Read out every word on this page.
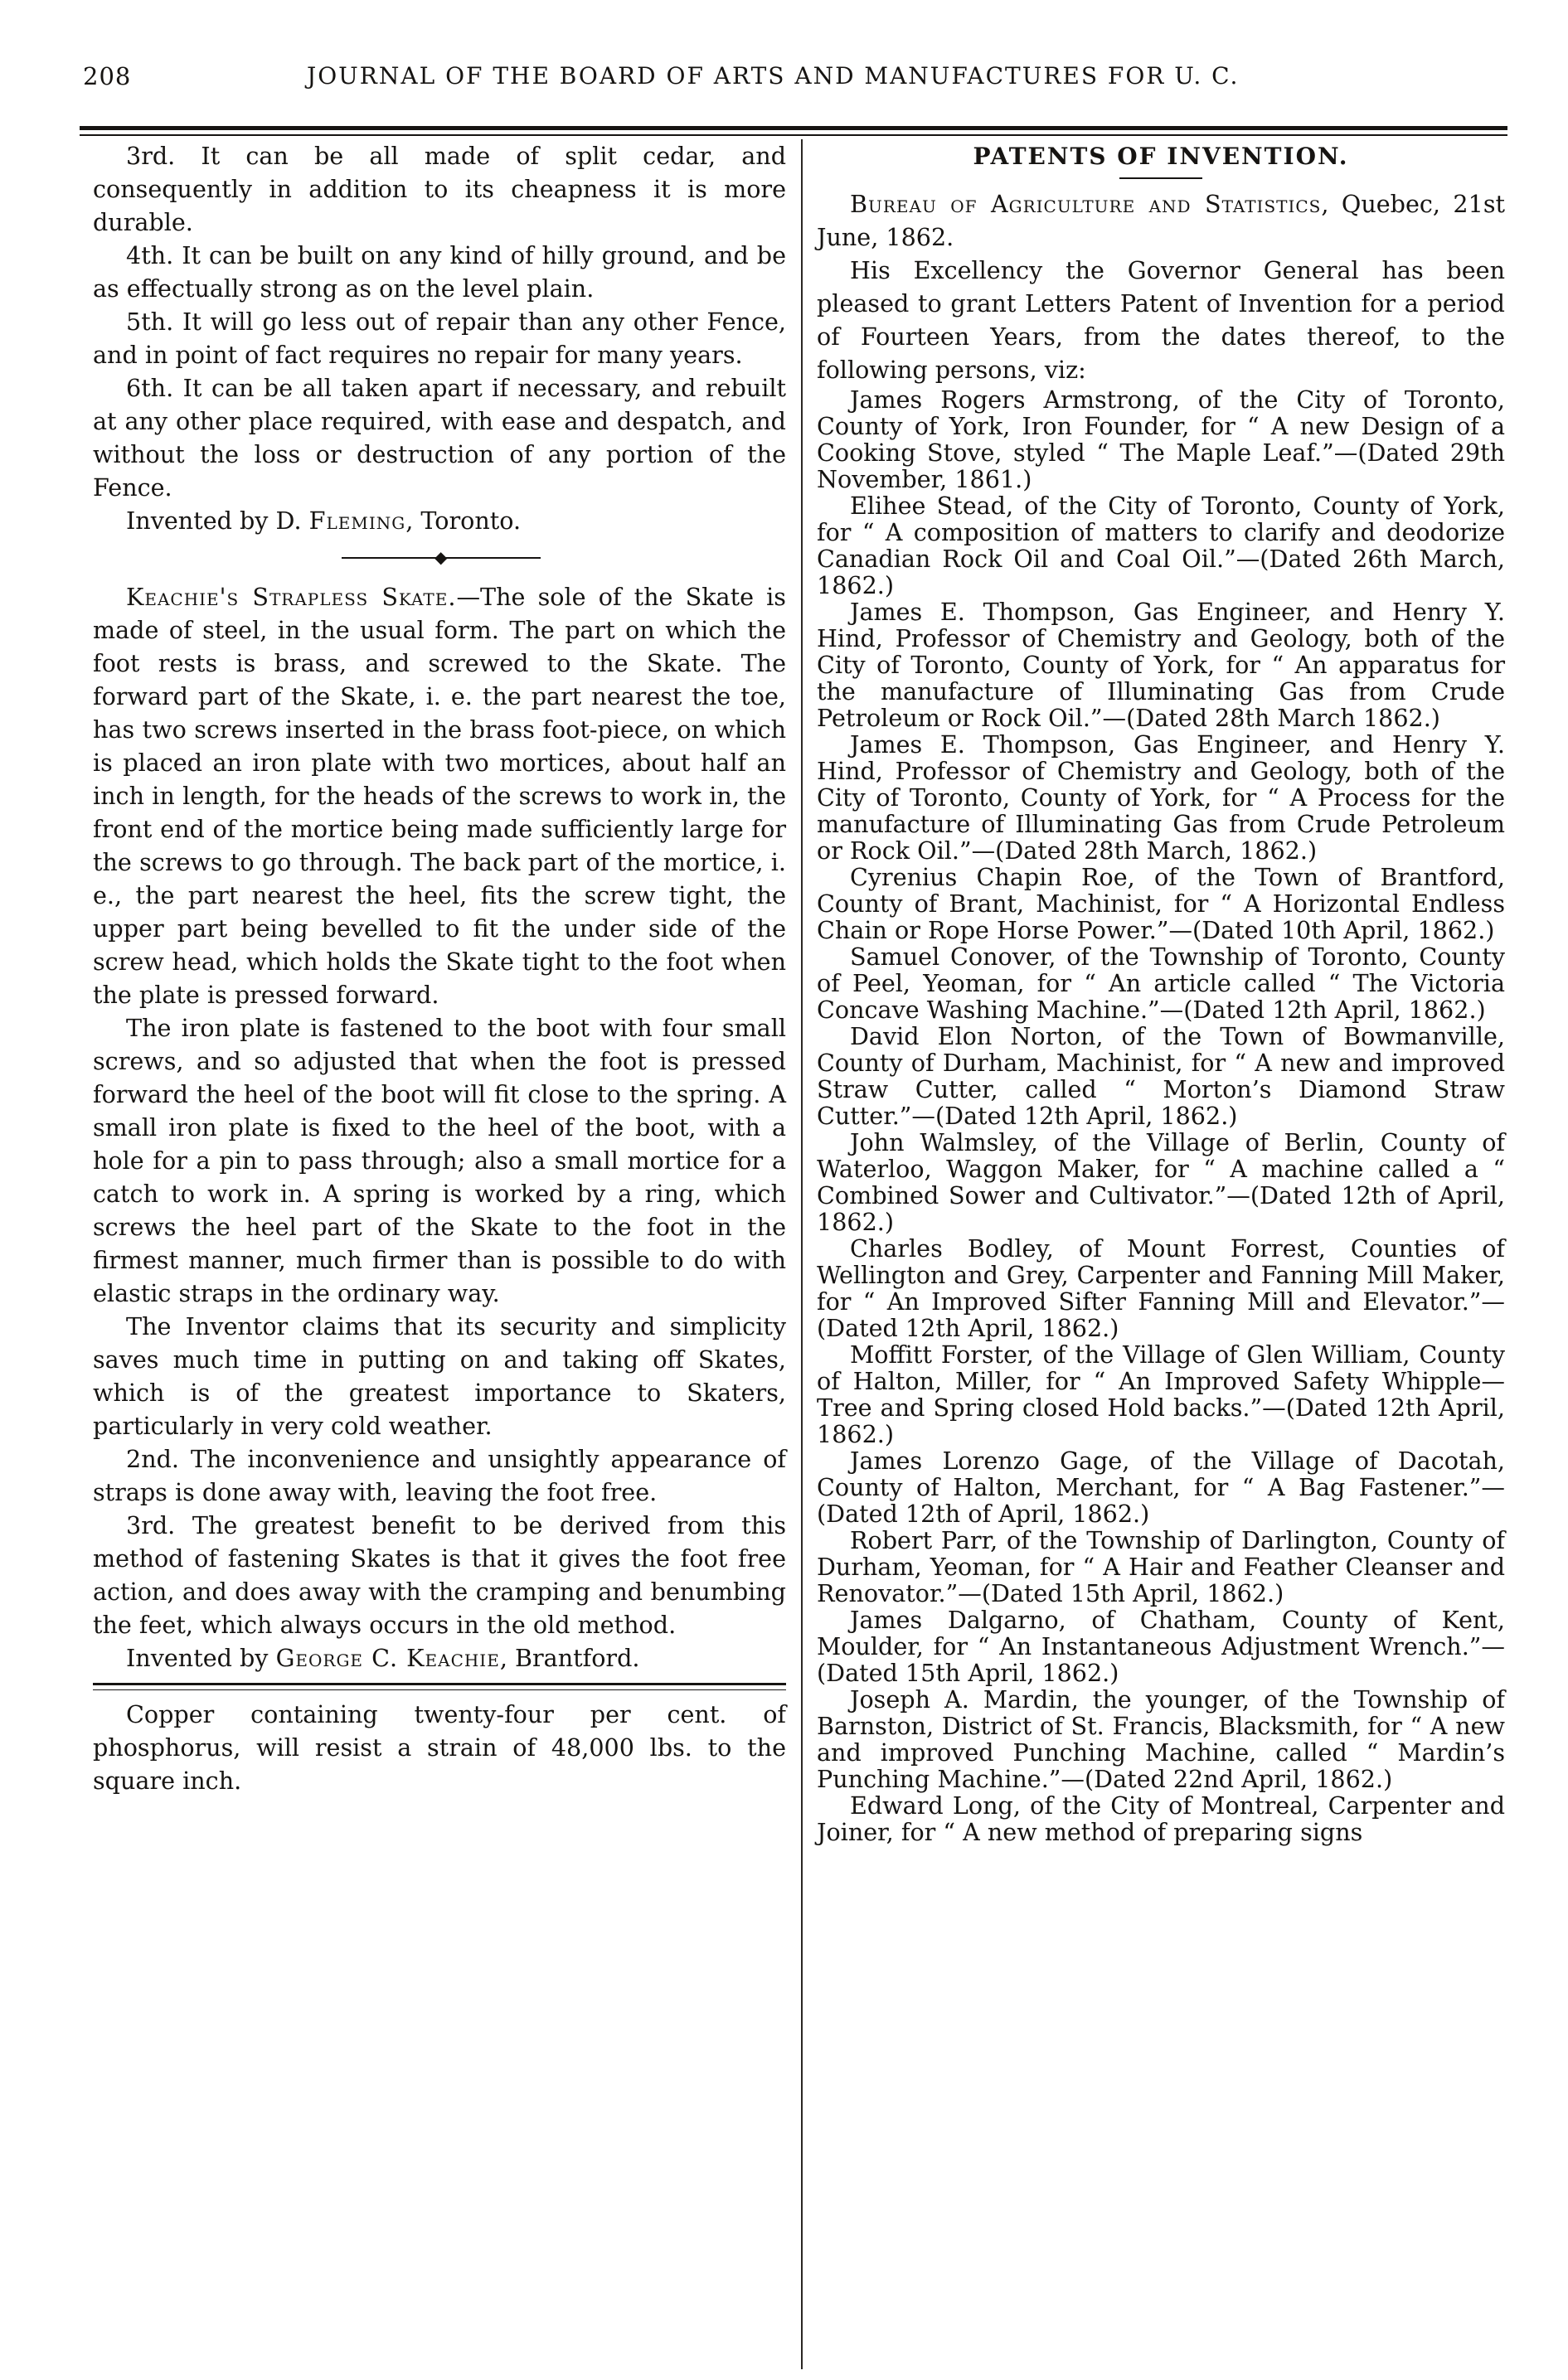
208	JOURNAL OF THE BOARD OF ARTS AND MANUFACTURES FOR U. C.

3rd. It can be all made of split cedar, and consequently in addition to its cheapness it is more durable.

4th. It can be built on any kind of hilly ground, and be as effectually strong as on the level plain.

5th. It will go less out of repair than any other Fence, and in point of fact requires no repair for many years.

6th. It can be all taken apart if necessary, and rebuilt at any other place required, with ease and despatch, and without the loss or destruction of any portion of the Fence.

Invented by D. Fleming, Toronto.

◆

Keachie's Strapless Skate.—The sole of the Skate is made of steel, in the usual form. The part on which the foot rests is brass, and screwed to the Skate. The forward part of the Skate, i. e. the part nearest the toe, has two screws inserted in the brass foot-piece, on which is placed an iron plate with two mortices, about half an inch in length, for the heads of the screws to work in, the front end of the mortice being made sufficiently large for the screws to go through. The back part of the mortice, i. e., the part nearest the heel, fits the screw tight, the upper part being bevelled to fit the under side of the screw head, which holds the Skate tight to the foot when the plate is pressed forward.

The iron plate is fastened to the boot with four small screws, and so adjusted that when the foot is pressed forward the heel of the boot will fit close to the spring. A small iron plate is fixed to the heel of the boot, with a hole for a pin to pass through; also a small mortice for a catch to work in. A spring is worked by a ring, which screws the heel part of the Skate to the foot in the firmest manner, much firmer than is possible to do with elastic straps in the ordinary way.

The Inventor claims that its security and simplicity saves much time in putting on and taking off Skates, which is of the greatest importance to Skaters, particularly in very cold weather.

2nd. The inconvenience and unsightly appearance of straps is done away with, leaving the foot free.

3rd. The greatest benefit to be derived from this method of fastening Skates is that it gives the foot free action, and does away with the cramping and benumbing the feet, which always occurs in the old method.

Invented by George C. Keachie, Brantford.

Copper containing twenty-four per cent. of phosphorus, will resist a strain of 48,000 lbs. to the square inch.

PATENTS OF INVENTION.

Bureau of Agriculture and Statistics, Quebec, 21st June, 1862.

His Excellency the Governor General has been pleased to grant Letters Patent of Invention for a period of Fourteen Years, from the dates thereof, to the following persons, viz:

James Rogers Armstrong, of the City of Toronto, County of York, Iron Founder, for “ A new Design of a Cooking Stove, styled “ The Maple Leaf.”—(Dated 29th November, 1861.)

Elihee Stead, of the City of Toronto, County of York, for “ A composition of matters to clarify and deodorize Canadian Rock Oil and Coal Oil.”—(Dated 26th March, 1862.)

James E. Thompson, Gas Engineer, and Henry Y. Hind, Professor of Chemistry and Geology, both of the City of Toronto, County of York, for “ An apparatus for the manufacture of Illuminating Gas from Crude Petroleum or Rock Oil.”—(Dated 28th March 1862.)

James E. Thompson, Gas Engineer, and Henry Y. Hind, Professor of Chemistry and Geology, both of the City of Toronto, County of York, for “ A Process for the manufacture of Illuminating Gas from Crude Petroleum or Rock Oil.”—(Dated 28th March, 1862.)

Cyrenius Chapin Roe, of the Town of Brantford, County of Brant, Machinist, for “ A Horizontal Endless Chain or Rope Horse Power.”—(Dated 10th April, 1862.)

Samuel Conover, of the Township of Toronto, County of Peel, Yeoman, for “ An article called “ The Victoria Concave Washing Machine.”—(Dated 12th April, 1862.)

David Elon Norton, of the Town of Bowmanville, County of Durham, Machinist, for “ A new and improved Straw Cutter, called “ Morton’s Diamond Straw Cutter.”—(Dated 12th April, 1862.)

John Walmsley, of the Village of Berlin, County of Waterloo, Waggon Maker, for “ A machine called a “ Combined Sower and Cultivator.”—(Dated 12th of April, 1862.)

Charles Bodley, of Mount Forrest, Counties of Wellington and Grey, Carpenter and Fanning Mill Maker, for “ An Improved Sifter Fanning Mill and Elevator.”—(Dated 12th April, 1862.)

Moffitt Forster, of the Village of Glen William, County of Halton, Miller, for “ An Improved Safety Whipple—Tree and Spring closed Hold backs.”—(Dated 12th April, 1862.)

James Lorenzo Gage, of the Village of Dacotah, County of Halton, Merchant, for “ A Bag Fastener.”—(Dated 12th of April, 1862.)

Robert Parr, of the Township of Darlington, County of Durham, Yeoman, for “ A Hair and Feather Cleanser and Renovator.”—(Dated 15th April, 1862.)

James Dalgarno, of Chatham, County of Kent, Moulder, for “ An Instantaneous Adjustment Wrench.”—(Dated 15th April, 1862.)

Joseph A. Mardin, the younger, of the Township of Barnston, District of St. Francis, Blacksmith, for “ A new and improved Punching Machine, called “ Mardin’s Punching Machine.”—(Dated 22nd April, 1862.)

Edward Long, of the City of Montreal, Carpenter and Joiner, for “ A new method of preparing signs
